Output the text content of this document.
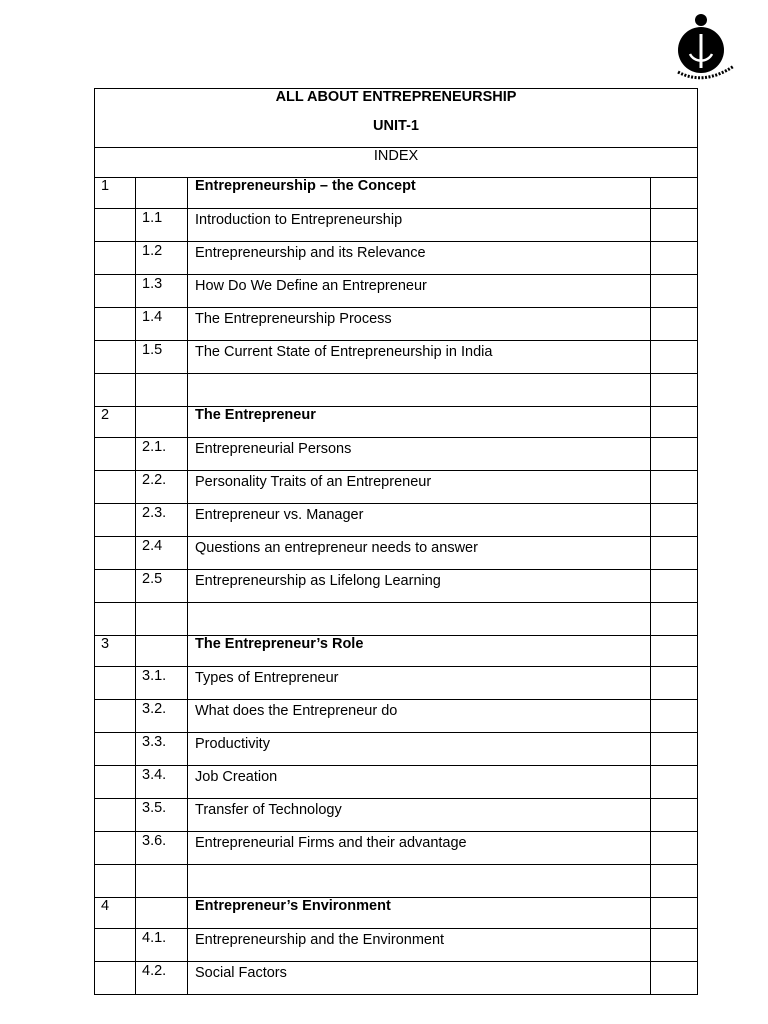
ALL ABOUT ENTREPRENEURSHIP
UNIT-1			

INDEX			
1		Entrepreneurship – the Concept	
	1.1	Introduction to Entrepreneurship	
	1.2	Entrepreneurship and its Relevance	
	1.3	How Do We Define an Entrepreneur	
	1.4	The Entrepreneurship Process	
	1.5	The Current State of Entrepreneurship in India	

2		The Entrepreneur	
	2.1.	Entrepreneurial Persons	
	2.2.	Personality Traits of an Entrepreneur	
	2.3.	Entrepreneur vs. Manager	
	2.4	Questions an entrepreneur needs to answer	
	2.5	Entrepreneurship as Lifelong Learning	

3		The Entrepreneur’s Role	
	3.1.	Types of Entrepreneur	
	3.2.	What does the Entrepreneur do	
	3.3.	Productivity	
	3.4.	Job Creation	
	3.5.	Transfer of Technology	
	3.6.	Entrepreneurial Firms and their advantage	

4		Entrepreneur’s Environment	
	4.1.	Entrepreneurship and the Environment	
	4.2.	Social Factors	
